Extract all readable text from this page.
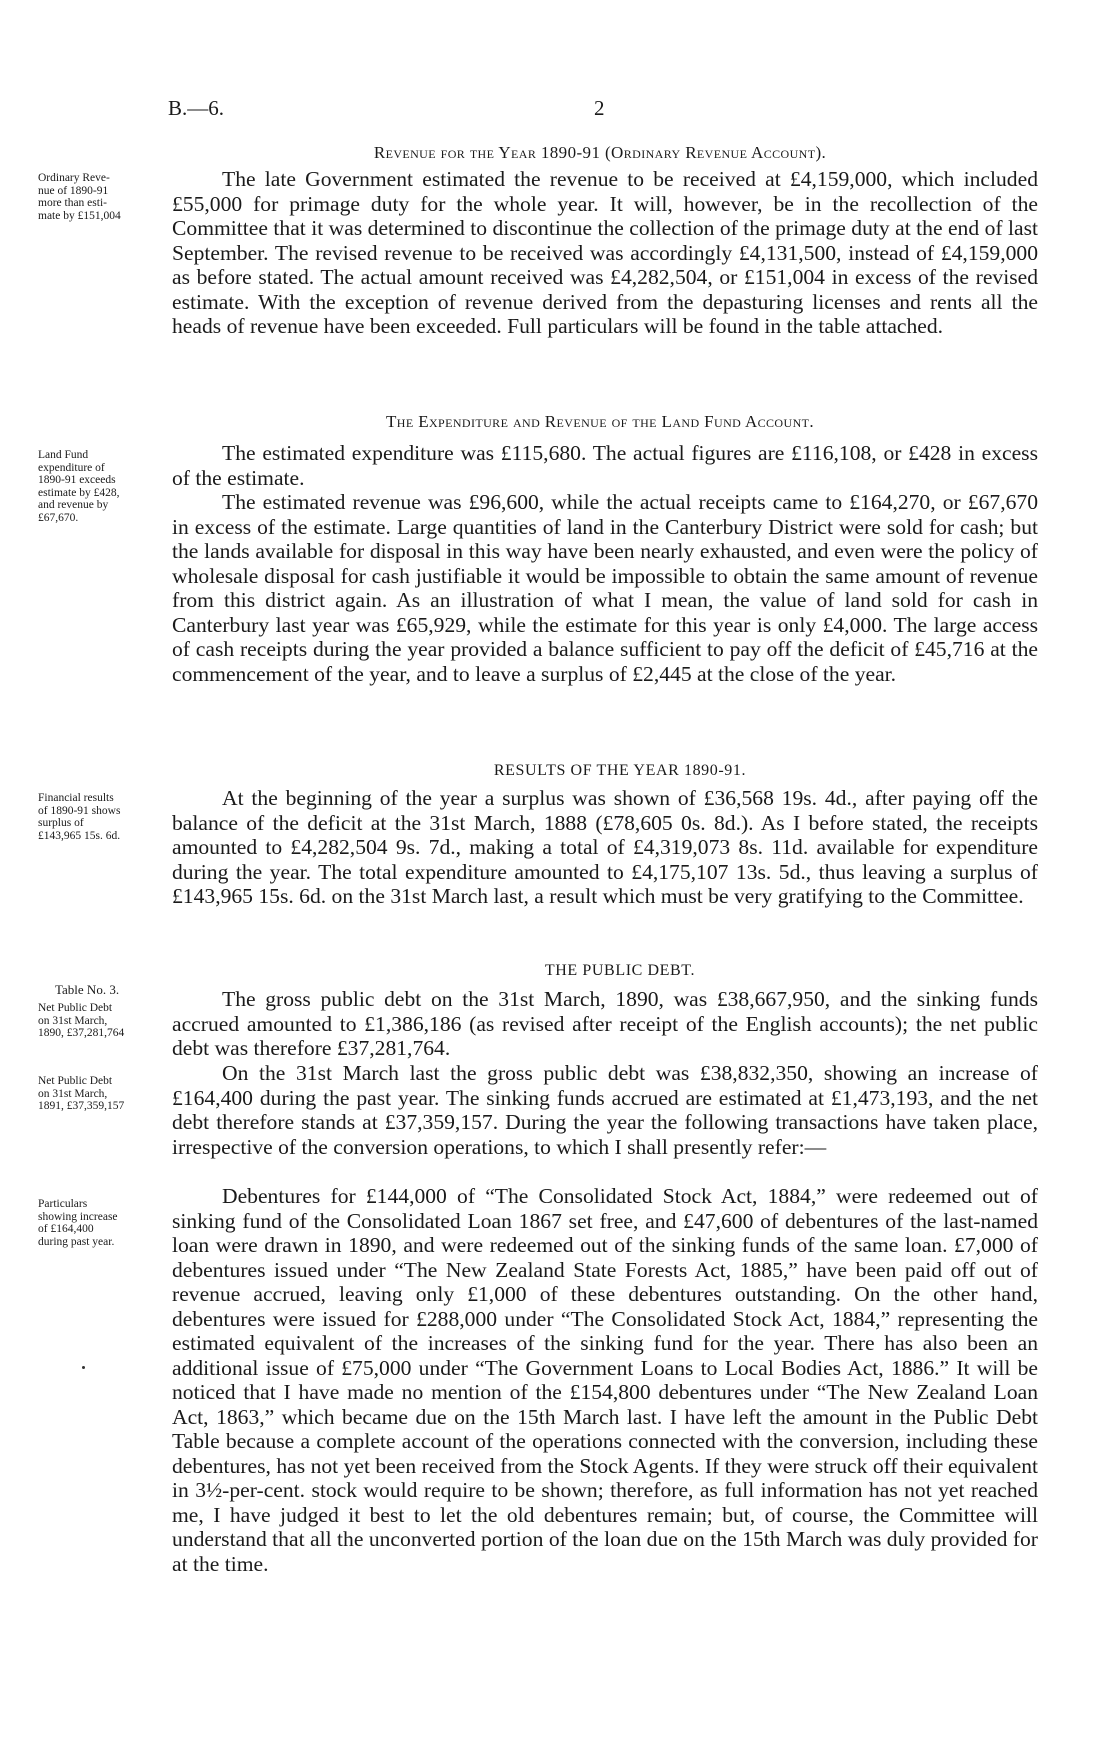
B.—6.	2
Revenue for the Year 1890-91 (Ordinary Revenue Account).
Ordinary Reve-
nue of 1890-91
more than esti-
mate by £151,004
The late Government estimated the revenue to be received at £4,159,000, which included £55,000 for primage duty for the whole year. It will, however, be in the recollection of the Committee that it was determined to discontinue the collection of the primage duty at the end of last September. The revised revenue to be received was accordingly £4,131,500, instead of £4,159,000 as before stated. The actual amount received was £4,282,504, or £151,004 in excess of the revised estimate. With the exception of revenue derived from the depasturing licenses and rents all the heads of revenue have been exceeded. Full particulars will be found in the table attached.
The Expenditure and Revenue of the Land Fund Account.
Land Fund
expenditure of
1890-91 exceeds
estimate by £428,
and revenue by
£67,670.
The estimated expenditure was £115,680. The actual figures are £116,108, or £428 in excess of the estimate.
The estimated revenue was £96,600, while the actual receipts came to £164,270, or £67,670 in excess of the estimate. Large quantities of land in the Canterbury District were sold for cash; but the lands available for disposal in this way have been nearly exhausted, and even were the policy of wholesale disposal for cash justifiable it would be impossible to obtain the same amount of revenue from this district again. As an illustration of what I mean, the value of land sold for cash in Canterbury last year was £65,929, while the estimate for this year is only £4,000. The large access of cash receipts during the year provided a balance sufficient to pay off the deficit of £45,716 at the commencement of the year, and to leave a surplus of £2,445 at the close of the year.
RESULTS OF THE YEAR 1890-91.
Financial results
of 1890-91 shows
surplus of
£143,965 15s. 6d.
At the beginning of the year a surplus was shown of £36,568 19s. 4d., after paying off the balance of the deficit at the 31st March, 1888 (£78,605 0s. 8d.). As I before stated, the receipts amounted to £4,282,504 9s. 7d., making a total of £4,319,073 8s. 11d. available for expenditure during the year. The total expenditure amounted to £4,175,107 13s. 5d., thus leaving a surplus of £143,965 15s. 6d. on the 31st March last, a result which must be very gratifying to the Committee.
THE PUBLIC DEBT.
Table No. 3.
Net Public Debt
on 31st March,
1890, £37,281,764
The gross public debt on the 31st March, 1890, was £38,667,950, and the sinking funds accrued amounted to £1,386,186 (as revised after receipt of the English accounts); the net public debt was therefore £37,281,764.
Net Public Debt
on 31st March,
1891, £37,359,157
On the 31st March last the gross public debt was £38,832,350, showing an increase of £164,400 during the past year. The sinking funds accrued are estimated at £1,473,193, and the net debt therefore stands at £37,359,157. During the year the following transactions have taken place, irrespective of the conversion operations, to which I shall presently refer:—
Particulars
showing increase
of £164,400
during past year.
Debentures for £144,000 of “The Consolidated Stock Act, 1884,” were redeemed out of sinking fund of the Consolidated Loan 1867 set free, and £47,600 of debentures of the last-named loan were drawn in 1890, and were redeemed out of the sinking funds of the same loan. £7,000 of debentures issued under “The New Zealand State Forests Act, 1885,” have been paid off out of revenue accrued, leaving only £1,000 of these debentures outstanding. On the other hand, debentures were issued for £288,000 under “The Consolidated Stock Act, 1884,” representing the estimated equivalent of the increases of the sinking fund for the year. There has also been an additional issue of £75,000 under “The Government Loans to Local Bodies Act, 1886.” It will be noticed that I have made no mention of the £154,800 debentures under “The New Zealand Loan Act, 1863,” which became due on the 15th March last. I have left the amount in the Public Debt Table because a complete account of the operations connected with the conversion, including these debentures, has not yet been received from the Stock Agents. If they were struck off their equivalent in 3½-per-cent. stock would require to be shown; therefore, as full information has not yet reached me, I have judged it best to let the old debentures remain; but, of course, the Committee will understand that all the unconverted portion of the loan due on the 15th March was duly provided for at the time.
